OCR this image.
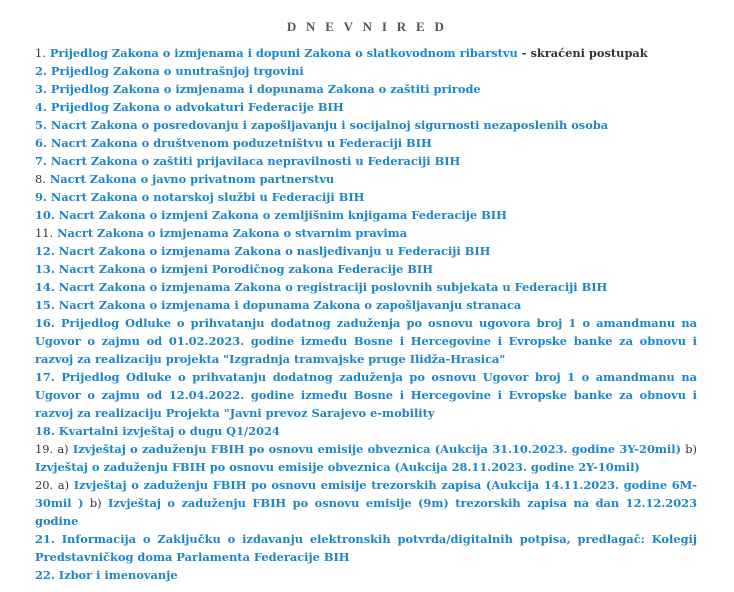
D N E V N I R E D
1. Prijedlog Zakona o izmjenama i dopuni Zakona o slatkovodnom ribarstvu - skraćeni postupak
2. Prijedlog Zakona o unutrašnjoj trgovini
3. Prijedlog Zakona o izmjenama i dopunama Zakona o zaštiti prirode
4. Prijedlog Zakona o advokaturi Federacije BIH
5. Nacrt Zakona o posredovanju i zapošljavanju i socijalnoj sigurnosti nezaposlenih osoba
6. Nacrt Zakona o društvenom poduzetništvu u Federaciji BIH
7. Nacrt Zakona o zaštiti prijavilaca nepravilnosti u Federaciji BIH
8. Nacrt Zakona o javno privatnom partnerstvu
9. Nacrt Zakona o notarskoj službi u Federaciji BIH
10. Nacrt Zakona o izmjeni Zakona o zemljišnim knjigama Federacije BIH
11. Nacrt Zakona o izmjenama Zakona o stvarnim pravima
12. Nacrt Zakona o izmjenama Zakona o nasljeđivanju u Federaciji BIH
13. Nacrt Zakona o izmjeni Porodičnog zakona Federacije BIH
14. Nacrt Zakona o izmjenama Zakona o registraciji poslovnih subjekata u Federaciji BIH
15. Nacrt Zakona o izmjenama i dopunama Zakona o zapošljavanju stranaca
16. Prijedlog Odluke o prihvatanju dodatnog zaduženja po osnovu ugovora broj 1 o amandmanu na Ugovor o zajmu od 01.02.2023. godine između Bosne i Hercegovine i Evropske banke za obnovu i razvoj za realizaciju projekta "Izgradnja tramvajske pruge Ilidža-Hrasica"
17. Prijedlog Odluke o prihvatanju dodatnog zaduženja po osnovu Ugovor broj 1 o amandmanu na Ugovor o zajmu od 12.04.2022. godine između Bosne i Hercegovine i Evropske banke za obnovu i razvoj za realizaciju Projekta "Javni prevoz Sarajevo e-mobility
18. Kvartalni izvještaj o dugu Q1/2024
19. a) Izvještaj o zaduženju FBIH po osnovu emisije obveznica (Aukcija 31.10.2023. godine 3Y-20mil) b) Izvještaj o zaduženju FBIH po osnovu emisije obveznica (Aukcija 28.11.2023. godine 2Y-10mil)
20. a) Izvještaj o zaduženju FBIH po osnovu emisije trezorskih zapisa (Aukcija 14.11.2023. godine 6M-30mil ) b) Izvještaj o zaduženju FBIH po osnovu emisije (9m) trezorskih zapisa na dan 12.12.2023 godine
21. Informacija o Zaključku o izdavanju elektronskih potvrda/digitalnih potpisa, predlagač: Kolegij Predstavničkog doma Parlamenta Federacije BIH
22. Izbor i imenovanje
